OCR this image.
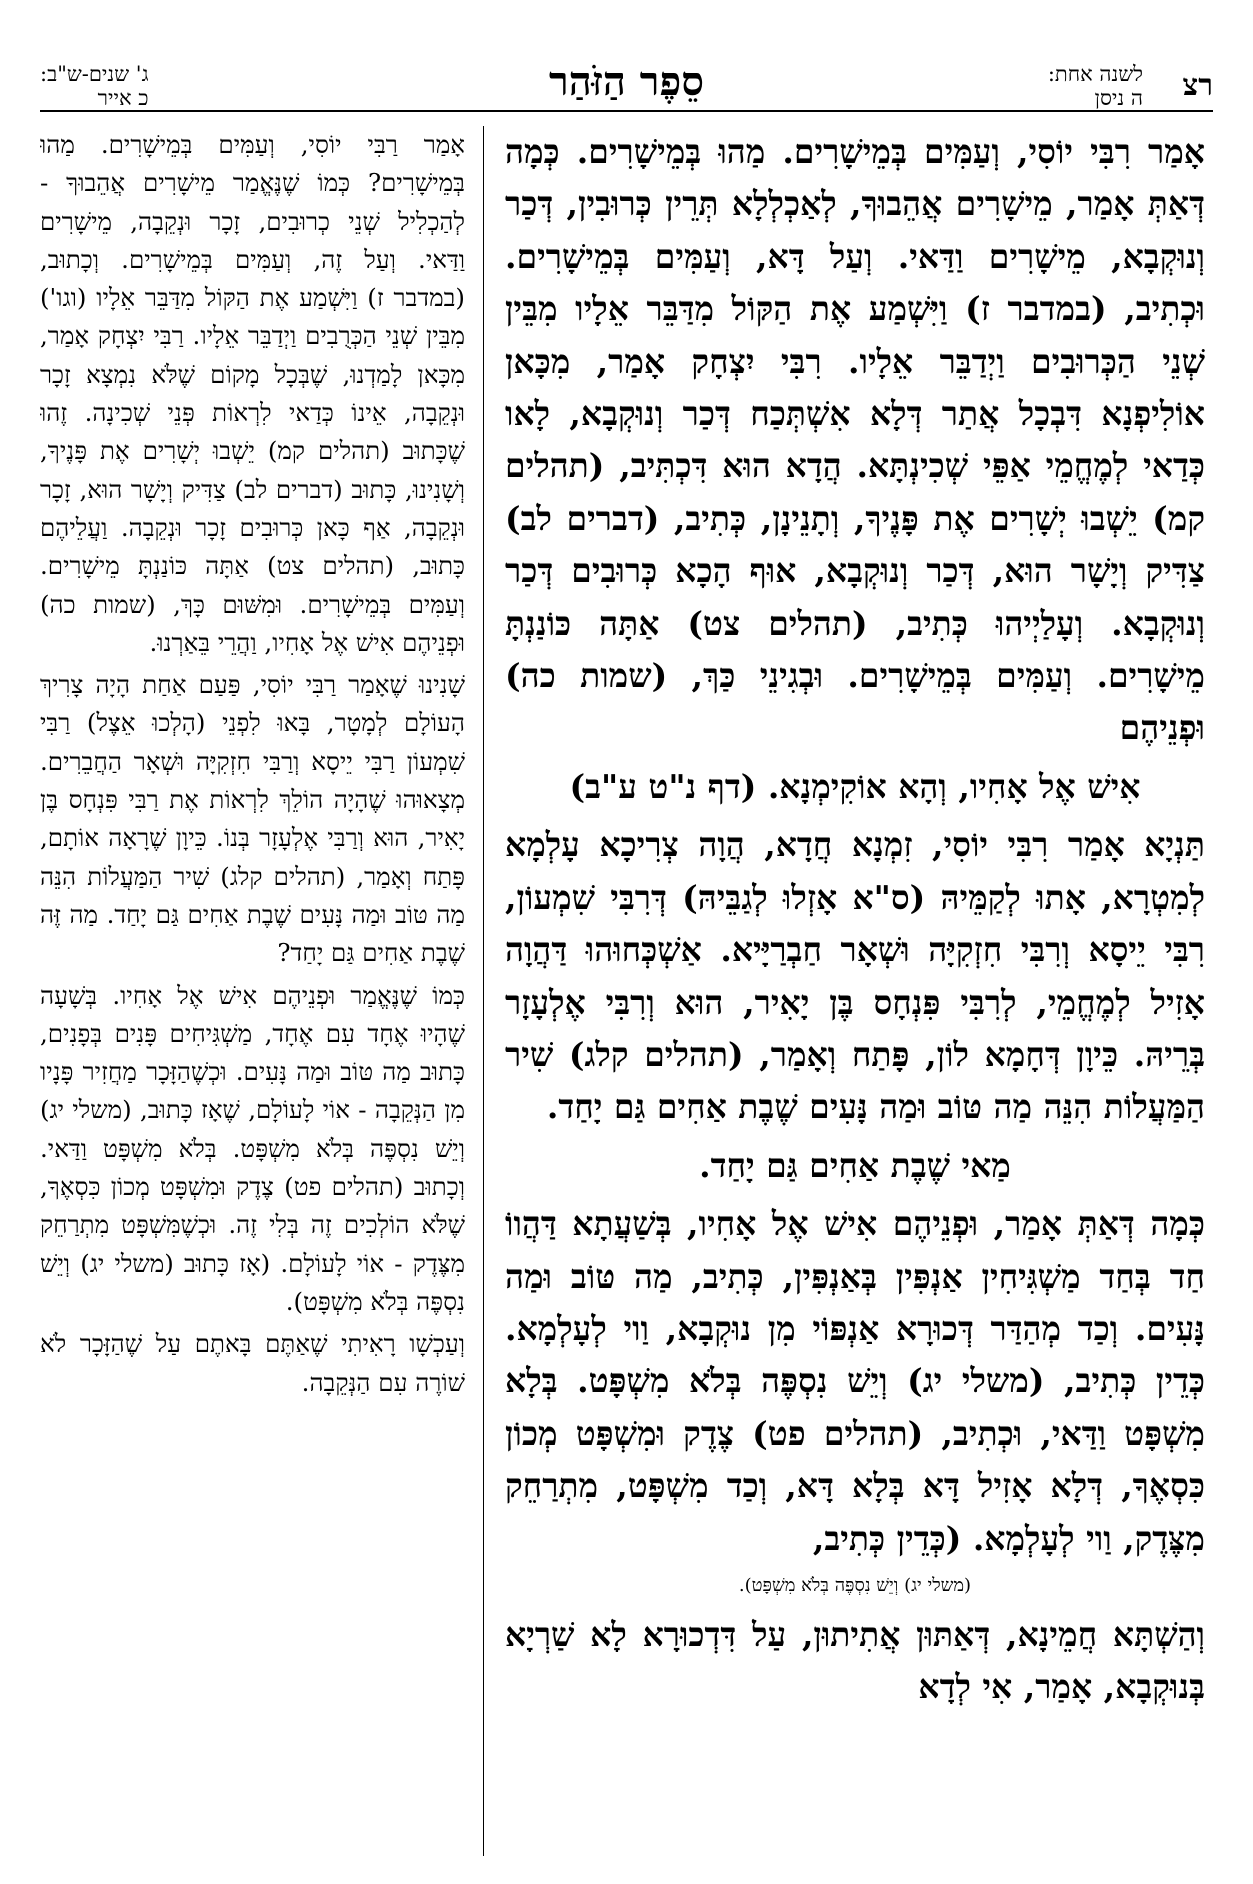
רצ
לשנה אחת:
ה ניסן
סֵפֶר הַזֹּהַר
ג' שנים-ש"ב:
כ אייר

אָמַר רִבִּי יוֹסִי, וְעַמִּים בְּמֵישָׁרִים. מַהוּ בְּמֵישָׁרִים. כְּמָה דְּאַתְּ אָמַר, מֵישָׁרִים אֲהֵבוּךָ, לְאַכְלְלָא תְּרֵין כְּרוּבִין, דְּכַר וְנוּקְבָא, מֵישָׁרִים וַדַּאי. וְעַל דָּא, וְעַמִּים בְּמֵישָׁרִים. וּכְתִיב, (במדבר ז) וַיִּשְׁמַע אֶת הַקּוֹל מִדַּבֵּר אֵלָיו מִבֵּין שְׁנֵי הַכְּרוּבִים וַיְדַבֵּר אֵלָיו. רִבִּי יִצְחָק אָמַר, מִכָּאן אוֹלִיפְנָא דִּבְכָל אֲתַר דְּלָא אִשְׁתְּכַח דְּכַר וְנוּקְבָא, לָאו כְּדַאי לְמֶחֱמֵי אַפֵּי שְׁכִינְתָּא. הֲדָא הוּא דִּכְתִּיב, (תהלים קמ) יֵשְׁבוּ יְשָׁרִים אֶת פָּנֶיךָ, וְתָנֵינָן, כְּתִיב, (דברים לב) צַדִּיק וְיָשָׁר הוּא, דְּכַר וְנוּקְבָא, אוּף הָכָא כְּרוּבִים דְּכַר וְנוּקְבָא. וְעָלַיְיהוּ כְּתִיב, (תהלים צט) אַתָּה כּוֹנַנְתָּ מֵישָׁרִים. וְעַמִּים בְּמֵישָׁרִים. וּבְגִינֵי כַּךְ, (שמות כה) וּפְנֵיהֶם

אִישׁ אֶל אָחִיו, וְהָא אוֹקִימְנָא. (דף נ"ט ע"ב)

תַּנְיָא אָמַר רִבִּי יוֹסִי, זִמְנָא חֲדָא, הֲוָה צְרִיכָא עָלְמָא לְמִטְרָא, אָתוּ לְקַמֵּיהּ (ס"א אָזְלוּ לְגַבֵּיהּ) דְּרִבִּי שִׁמְעוֹן, רִבִּי יֵיסָא וְרִבִּי חִזְקִיָּה וּשְׁאָר חַבְרַיָּיא. אַשְׁכְּחוּהוּ דַּהֲוָה אָזִיל לְמֶחֱמֵי, לְרִבִּי פִּנְחָס בֶּן יָאִיר, הוּא וְרִבִּי אֶלְעָזָר בְּרֵיהּ. כֵּיוָן דְּחָמָא לוֹן, פָּתַח וְאָמַר, (תהלים קלג) שִׁיר הַמַּעֲלוֹת הִנֵּה מַה טּוֹב וּמַה נָּעִים שֶׁבֶת אַחִים גַּם יָחַד.

מַאי שֶׁבֶת אַחִים גַּם יָחַד.

כְּמָה דְּאַתְּ אָמַר, וּפְנֵיהֶם אִישׁ אֶל אָחִיו, בְּשַׁעֲתָא דַּהֲווֹ חַד בְּחַד מַשְׁגִּיחִין אַנְפִּין בְּאַנְפִּין, כְּתִיב, מַה טּוֹב וּמַה נָּעִים. וְכַד מְהַדַּר דְּכוּרָא אַנְפּוֹי מִן נוּקְבָא, וַוי לְעָלְמָא. כְּדֵין כְּתִיב, (משלי יג) וְיֵשׁ נִסְפֶּה בְּלֹא מִשְׁפָּט. בְּלָא מִשְׁפָּט וַדַּאי, וּכְתִיב, (תהלים פט) צֶדֶק וּמִשְׁפָּט מְכוֹן כִּסְאֶךָ, דְּלָא אָזִיל דָּא בְּלָא דָּא, וְכַד מִשְׁפָּט, מִתְרַחֵק מִצֶּדֶק, וַוי לְעָלְמָא. (כְּדֵין כְּתִיב,

(משלי יג) וְיֵשׁ נִסְפֶּה בְּלֹא מִשְׁפָּט).

וְהַשְׁתָּא חֲמֵינָא, דְּאַתּוּן אֲתִיתוּן, עַל דִּדְכוּרָא לָא שַׁרְיָא בְּנוּקְבָא, אָמַר, אִי לְדָא

אָמַר רַבִּי יוֹסִי, וְעַמִּים בְּמֵישָׁרִים. מַהוּ בְּמֵישָׁרִים? כְּמוֹ שֶׁנֶּאֱמַר מֵישָׁרִים אֲהֵבוּךָ - לְהַכְלִיל שְׁנֵי כְרוּבִים, זָכָר וּנְקֵבָה, מֵישָׁרִים וַדַּאי. וְעַל זֶה, וְעַמִּים בְּמֵישָׁרִים. וְכָתוּב, (במדבר ז) וַיִּשְׁמַע אֶת הַקּוֹל מִדַּבֵּר אֵלָיו (וגו') מִבֵּין שְׁנֵי הַכְּרֻבִים וַיְדַבֵּר אֵלָיו. רַבִּי יִצְחָק אָמַר, מִכָּאן לָמַדְנוּ, שֶׁבְּכָל מָקוֹם שֶׁלֹּא נִמְצָא זָכָר וּנְקֵבָה, אֵינוֹ כְּדַאי לִרְאוֹת פְּנֵי שְׁכִינָה. זֶהוּ שֶׁכָּתוּב (תהלים קמ) יֵשְׁבוּ יְשָׁרִים אֶת פָּנֶיךָ, וְשָׁנִינוּ, כָּתוּב (דברים לב) צַדִּיק וְיָשָׁר הוּא, זָכָר וּנְקֵבָה, אַף כָּאן כְּרוּבִים זָכָר וּנְקֵבָה. וַעֲלֵיהֶם כָּתוּב, (תהלים צט) אַתָּה כּוֹנַנְתָּ מֵישָׁרִים. וְעַמִּים בְּמֵישָׁרִים. וּמִשּׁוּם כָּךְ, (שמות כה) וּפְנֵיהֶם אִישׁ אֶל אָחִיו, וַהֲרֵי בֵּאַרְנוּ.

שָׁנִינוּ שֶׁאָמַר רַבִּי יוֹסִי, פַּעַם אַחַת הָיָה צָרִיךְ הָעוֹלָם לְמָטָר, בָּאוּ לִפְנֵי (הָלְכוּ אֵצֶל) רַבִּי שִׁמְעוֹן רַבִּי יֵיסָא וְרַבִּי חִזְקִיָּה וּשְׁאָר הַחֲבֵרִים. מְצָאוּהוּ שֶׁהָיָה הוֹלֵךְ לִרְאוֹת אֶת רַבִּי פִּנְחָס בֶּן יָאִיר, הוּא וְרַבִּי אֶלְעָזָר בְּנוֹ. כֵּיוָן שֶׁרָאָה אוֹתָם, פָּתַח וְאָמַר, (תהלים קלג) שִׁיר הַמַּעֲלוֹת הִנֵּה מַה טּוֹב וּמַה נָּעִים שֶׁבֶת אַחִים גַּם יָחַד. מַה זֶּה שֶׁבֶת אַחִים גַּם יָחַד?

כְּמוֹ שֶׁנֶּאֱמַר וּפְנֵיהֶם אִישׁ אֶל אָחִיו. בְּשָׁעָה שֶׁהָיוּ אֶחָד עִם אֶחָד, מַשְׁגִּיחִים פָּנִים בְּפָנִים, כָּתוּב מַה טּוֹב וּמַה נָּעִים. וּכְשֶׁהַזָּכָר מַחֲזִיר פָּנָיו מִן הַנְּקֵבָה - אוֹי לָעוֹלָם, שֶׁאָז כָּתוּב, (משלי יג) וְיֵשׁ נִסְפֶּה בְּלֹא מִשְׁפָּט. בְּלֹא מִשְׁפָּט וַדַּאי. וְכָתוּב (תהלים פט) צֶדֶק וּמִשְׁפָּט מְכוֹן כִּסְאֶךָ, שֶׁלֹּא הוֹלְכִים זֶה בְּלִי זֶה. וּכְשֶׁמִּשְׁפָּט מִתְרַחֵק מִצֶּדֶק - אוֹי לָעוֹלָם. (אָז כָּתוּב (משלי יג) וְיֵשׁ נִסְפֶּה בְּלֹא מִשְׁפָּט).

וְעַכְשָׁו רָאִיתִי שֶׁאַתֶּם בָּאתֶם עַל שֶׁהַזָּכָר לֹא שׁוֹרֶה עִם הַנְּקֵבָה.
